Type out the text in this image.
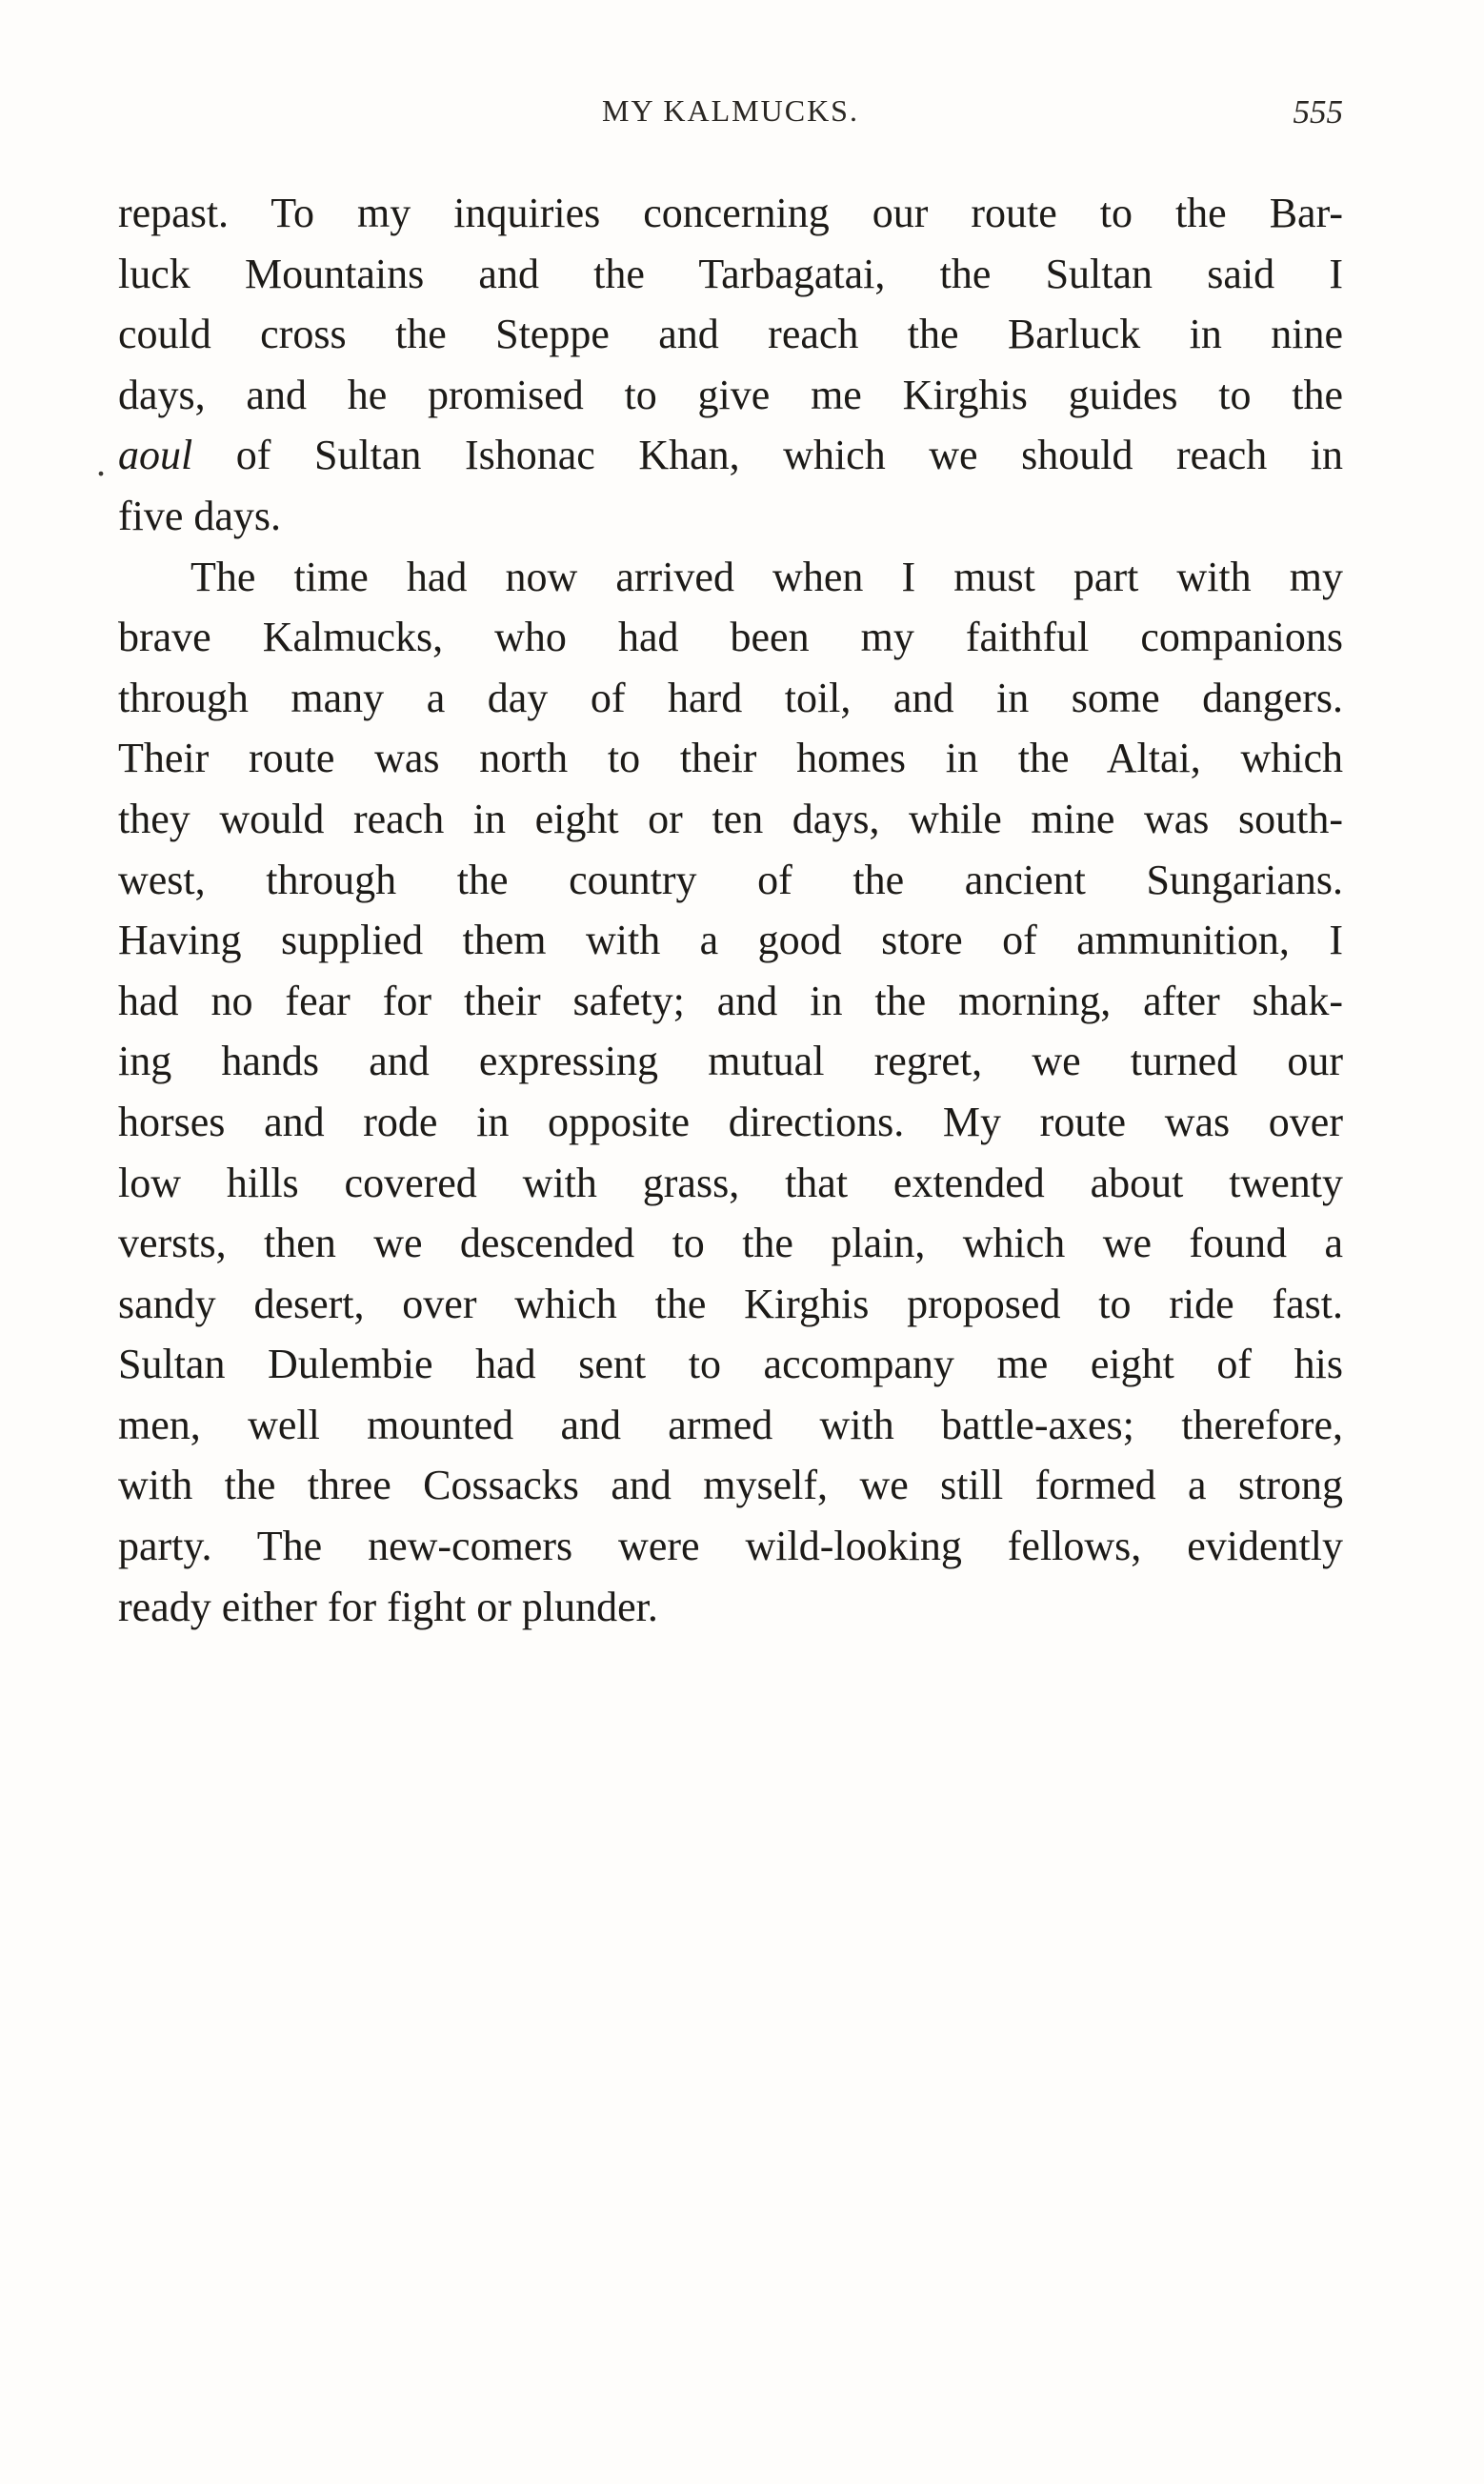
MY KALMUCKS.	555
.
repast. To my inquiries concerning our route to the Bar-
luck Mountains and the Tarbagatai, the Sultan said I
could cross the Steppe and reach the Barluck in nine
days, and he promised to give me Kirghis guides to the
aoul of Sultan Ishonac Khan, which we should reach in
five days.
The time had now arrived when I must part with my
brave Kalmucks, who had been my faithful companions
through many a day of hard toil, and in some dangers.
Their route was north to their homes in the Altai, which
they would reach in eight or ten days, while mine was south-
west, through the country of the ancient Sungarians.
Having supplied them with a good store of ammunition, I
had no fear for their safety; and in the morning, after shak-
ing hands and expressing mutual regret, we turned our
horses and rode in opposite directions. My route was over
low hills covered with grass, that extended about twenty
versts, then we descended to the plain, which we found a
sandy desert, over which the Kirghis proposed to ride fast.
Sultan Dulembie had sent to accompany me eight of his
men, well mounted and armed with battle-axes; therefore,
with the three Cossacks and myself, we still formed a strong
party. The new-comers were wild-looking fellows, evidently
ready either for fight or plunder.
